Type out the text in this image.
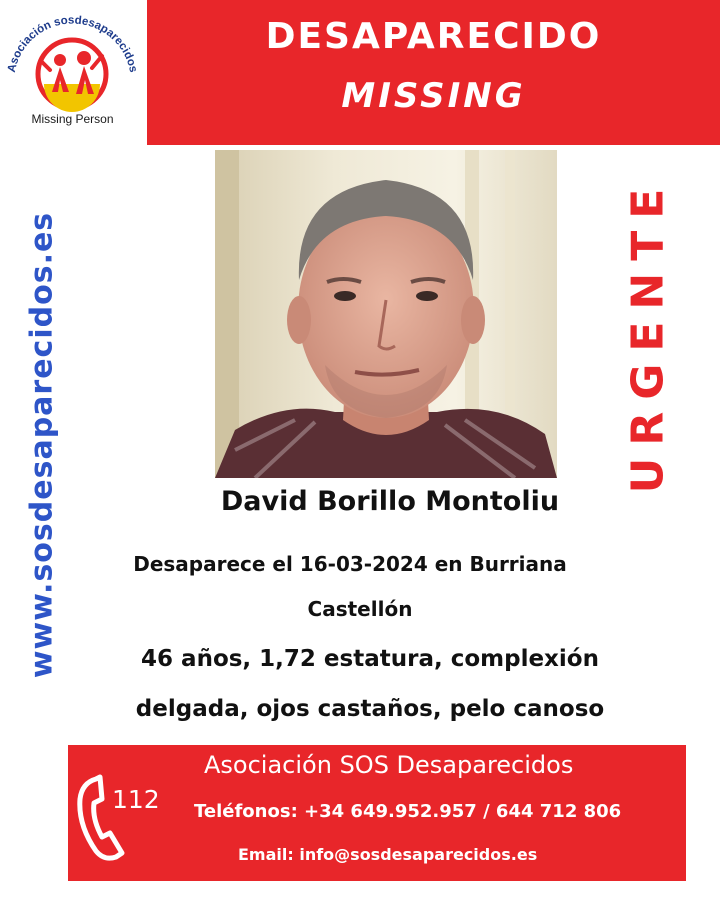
Asociación sosdesaparecidos
Missing Person
DESAPARECIDO
MISSING
www.sosdesaparecidos.es	URGENTE
David Borillo Montoliu
Desaparece el 16-03-2024 en Burriana
Castellón
46 años, 1,72 estatura, complexión
delgada, ojos castaños, pelo canoso
112
Asociación SOS Desaparecidos
Teléfonos: +34 649.952.957 / 644 712 806
Email: info@sosdesaparecidos.es
